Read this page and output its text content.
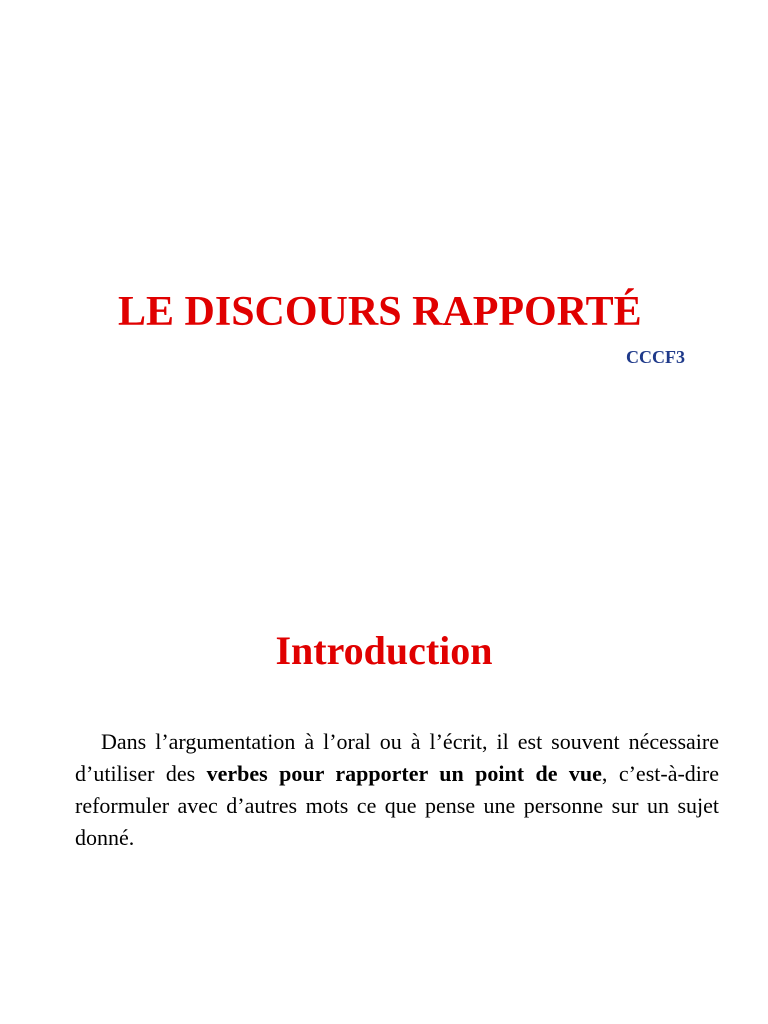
LE DISCOURS RAPPORTÉ
CCCF3
Introduction

Dans l’argumentation à l’oral ou à l’écrit, il est souvent nécessaire d’utiliser des verbes pour rapporter un point de vue, c’est-à-dire reformuler avec d’autres mots ce que pense une personne sur un sujet donné.
